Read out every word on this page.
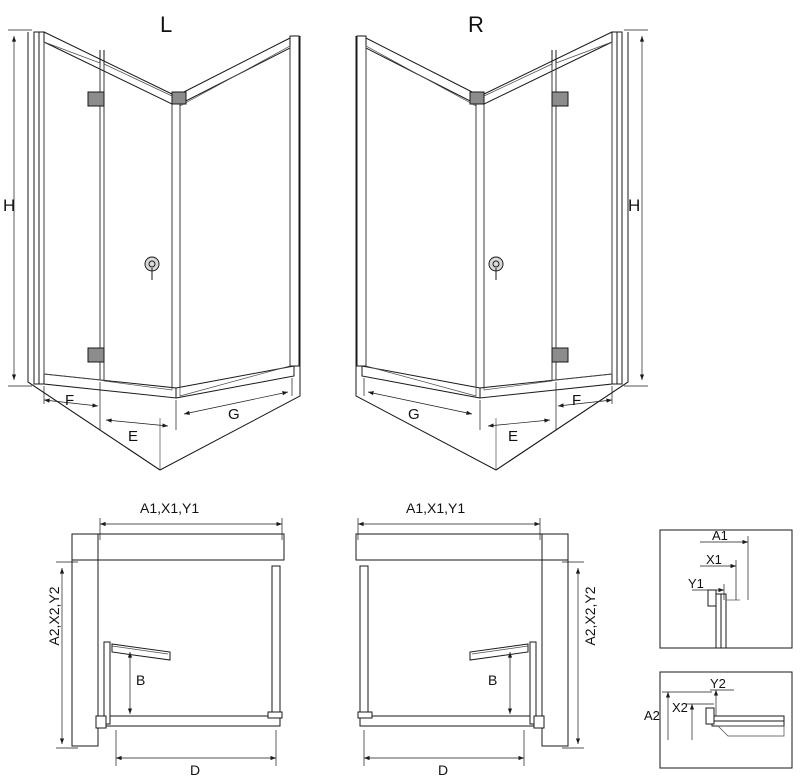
L	R
H	H
F
E
G	G
E
F
A1,X1,Y1	A1,X1,Y1
A2,X2,Y2	A2,X2,Y2
B	B
D	D
A1
X1
Y1
A2
X2
Y2
